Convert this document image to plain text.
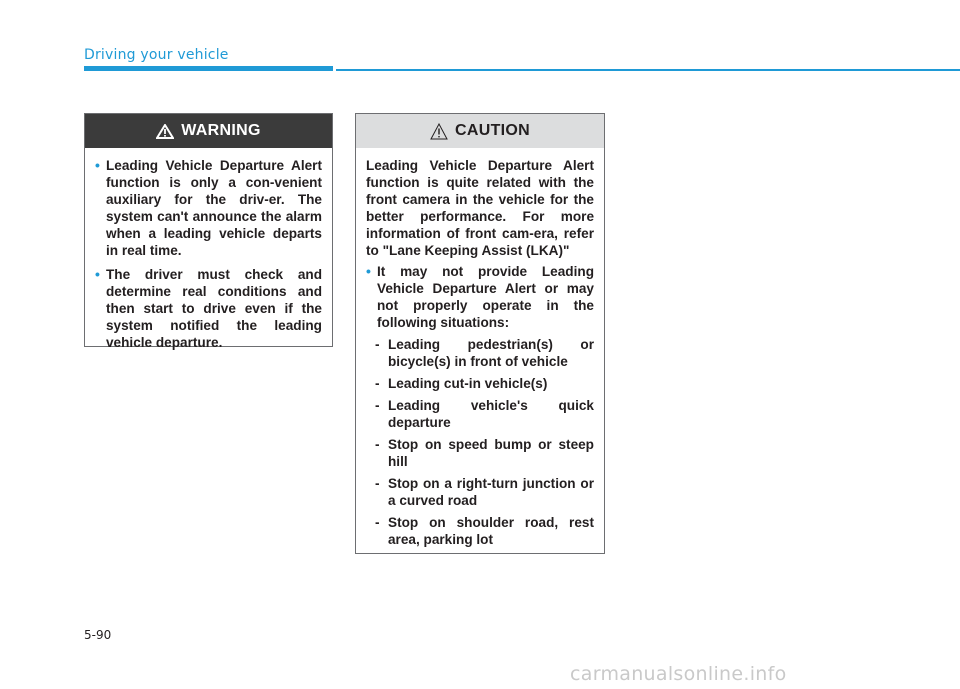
Driving your vehicle
WARNING
• Leading Vehicle Departure Alert function is only a con-venient auxiliary for the driv-er. The system can't announce the alarm when a leading vehicle departs in real time.
• The driver must check and determine real conditions and then start to drive even if the system notified the leading vehicle departure.
CAUTION

Leading Vehicle Departure Alert function is quite related with the front camera in the vehicle for the better performance. For more information of front cam-era, refer to "Lane Keeping Assist (LKA)"

• It may not provide Leading Vehicle Departure Alert or may not properly operate in the following situations:
- Leading pedestrian(s) or bicycle(s) in front of vehicle
- Leading cut-in vehicle(s)
- Leading vehicle's quick departure
- Stop on speed bump or steep hill
- Stop on a right-turn junction or a curved road
- Stop on shoulder road, rest area, parking lot
5-90
carmanualsonline.info
